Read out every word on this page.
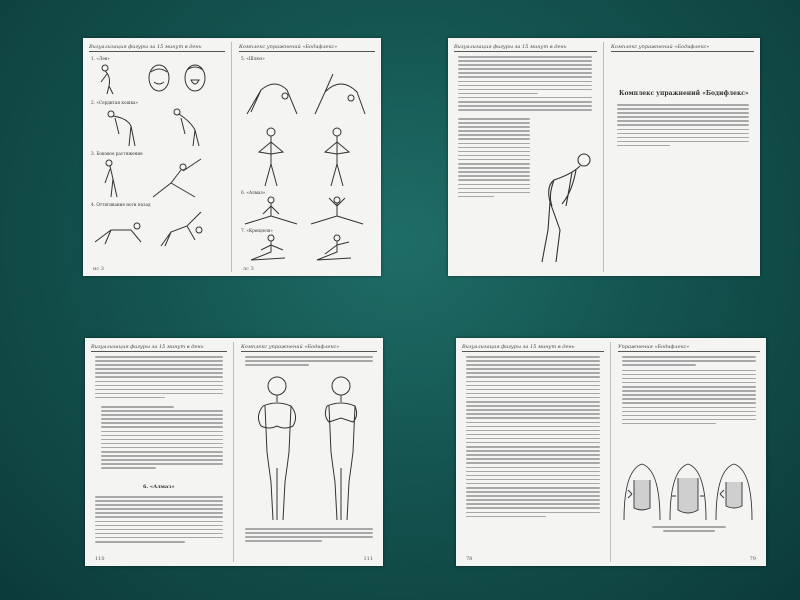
Визуализация фигуры за 15 минут в день
1. «Лев»
2. «Сердитая кошка»
3. Боковое растяжение
4. Оттягивание ноги назад
нс 3
Комплекс упражнений «Бодифлекс»
5. «Шлюз»
6. «Алмаз»
7. «Кренделя»
лс 3
Визуализация фигуры за 15 минут в день	Комплекс упражнений «Бодифлекс»
Комплекс упражнений «Бодифлекс»
Визуализация фигуры за 15 минут в день
6. «Алмаз»
110
Комплекс упражнений «Бодифлекс»
111
Визуализация фигуры за 15 минут в день
78
Упражнения «Бодифлекс»
79
